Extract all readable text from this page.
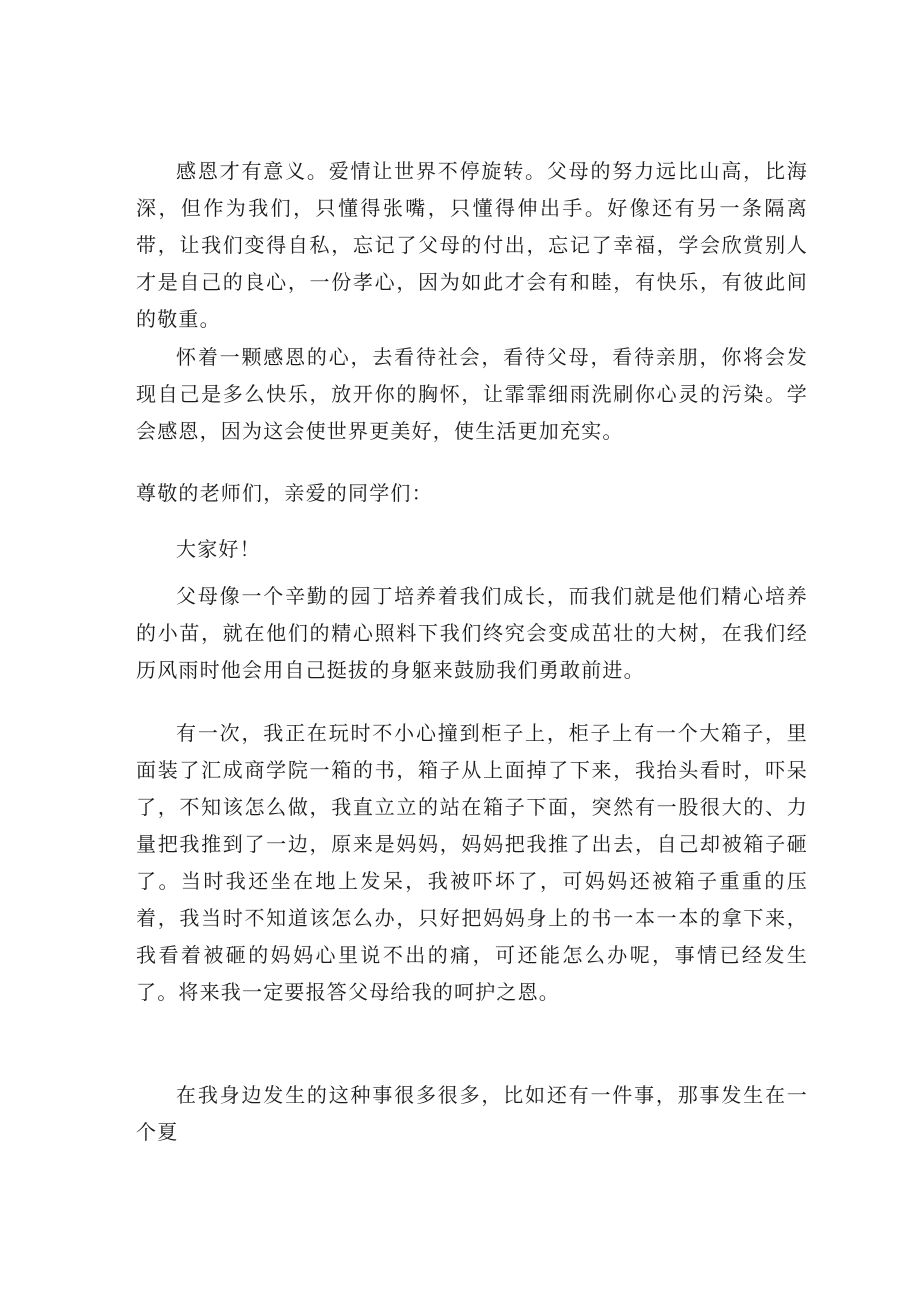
感恩才有意义。爱情让世界不停旋转。父母的努力远比山高，比海深，但作为我们，只懂得张嘴，只懂得伸出手。好像还有另一条隔离带，让我们变得自私，忘记了父母的付出，忘记了幸福，学会欣赏别人才是自己的良心，一份孝心，因为如此才会有和睦，有快乐，有彼此间的敬重。

怀着一颗感恩的心，去看待社会，看待父母，看待亲朋，你将会发现自己是多么快乐，放开你的胸怀，让霏霏细雨洗刷你心灵的污染。学会感恩，因为这会使世界更美好，使生活更加充实。

尊敬的老师们，亲爱的同学们：

大家好！

父母像一个辛勤的园丁培养着我们成长，而我们就是他们精心培养的小苗，就在他们的精心照料下我们终究会变成茁壮的大树，在我们经历风雨时他会用自己挺拔的身躯来鼓励我们勇敢前进。

有一次，我正在玩时不小心撞到柜子上，柜子上有一个大箱子，里面装了汇成商学院一箱的书，箱子从上面掉了下来，我抬头看时，吓呆了，不知该怎么做，我直立立的站在箱子下面，突然有一股很大的、力量把我推到了一边，原来是妈妈，妈妈把我推了出去，自己却被箱子砸了。当时我还坐在地上发呆，我被吓坏了，可妈妈还被箱子重重的压着，我当时不知道该怎么办，只好把妈妈身上的书一本一本的拿下来，我看着被砸的妈妈心里说不出的痛，可还能怎么办呢，事情已经发生了。将来我一定要报答父母给我的呵护之恩。

在我身边发生的这种事很多很多，比如还有一件事，那事发生在一个夏
